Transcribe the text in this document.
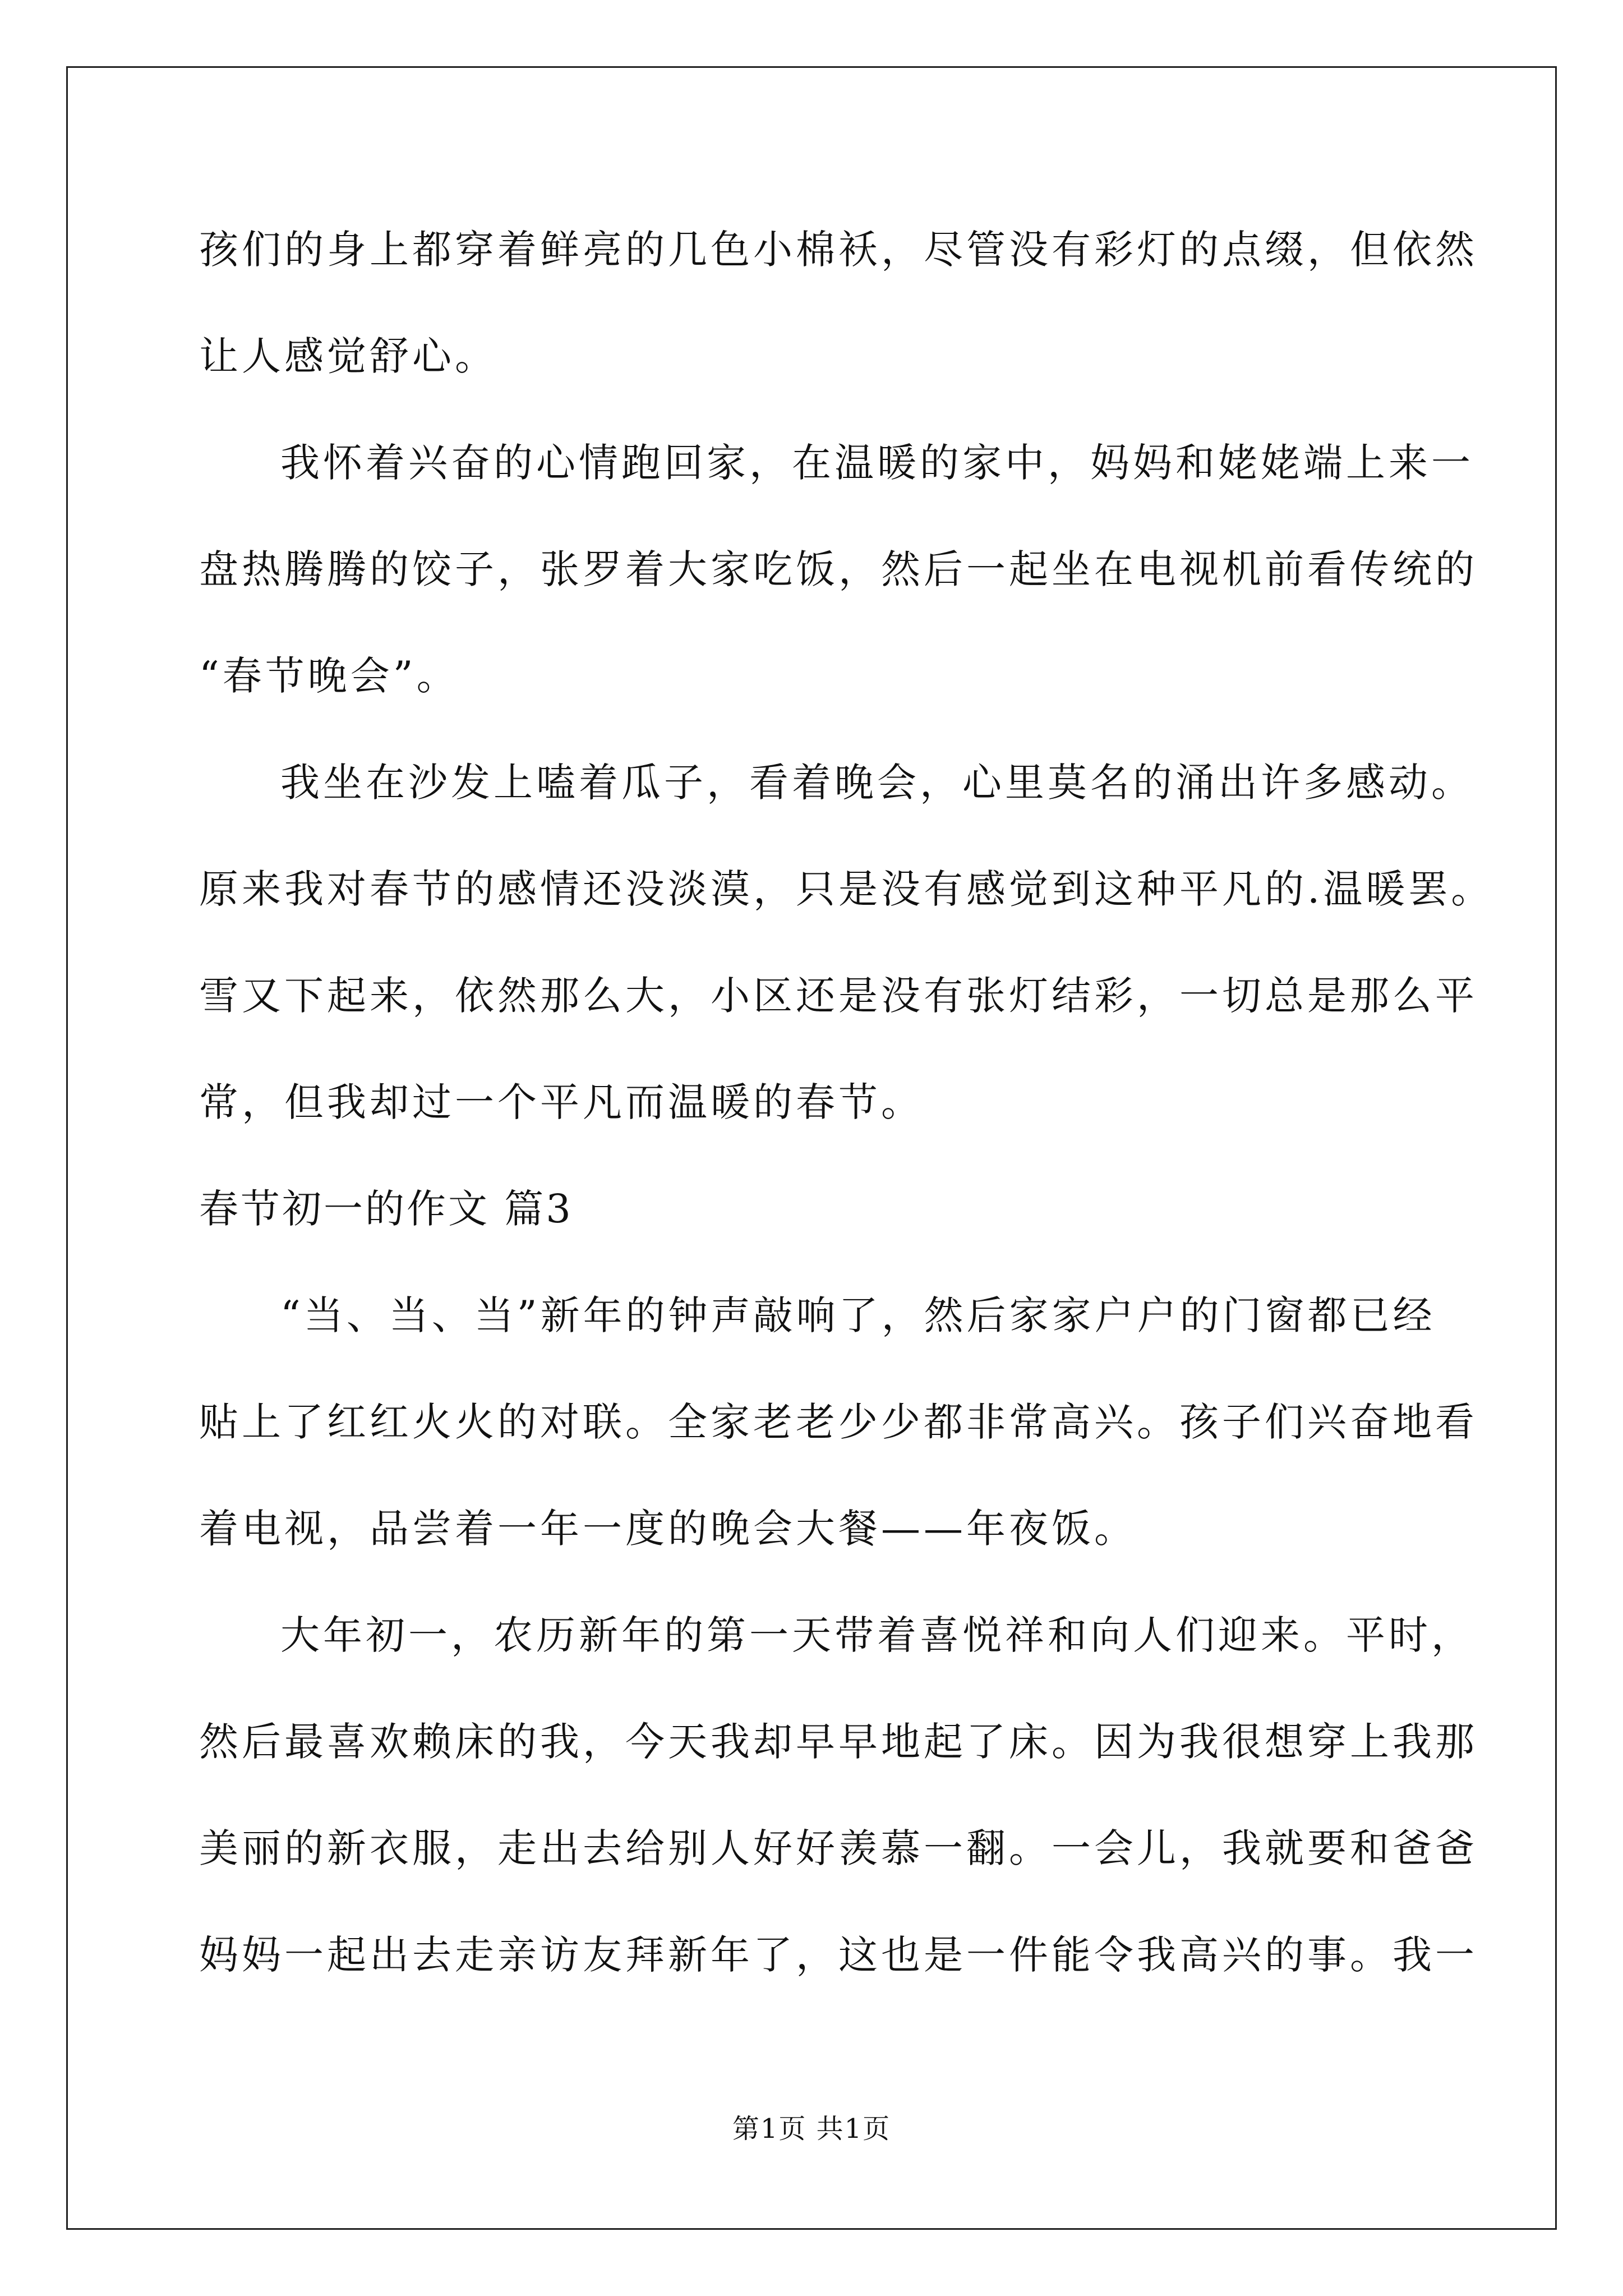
孩们的身上都穿着鲜亮的几色小棉袄，尽管没有彩灯的点缀，但依然
让人感觉舒心。
我怀着兴奋的心情跑回家，在温暖的家中，妈妈和姥姥端上来一
盘热腾腾的饺子，张罗着大家吃饭，然后一起坐在电视机前看传统的
“春节晚会”。
我坐在沙发上嗑着瓜子，看着晚会，心里莫名的涌出许多感动。
原来我对春节的感情还没淡漠，只是没有感觉到这种平凡的.温暖罢。
雪又下起来，依然那么大，小区还是没有张灯结彩，一切总是那么平
常，但我却过一个平凡而温暖的春节。
春节初一的作文 篇3
“当、当、当”新年的钟声敲响了，然后家家户户的门窗都已经
贴上了红红火火的对联。全家老老少少都非常高兴。孩子们兴奋地看
着电视，品尝着一年一度的晚会大餐——年夜饭。
大年初一，农历新年的第一天带着喜悦祥和向人们迎来。平时，
然后最喜欢赖床的我，今天我却早早地起了床。因为我很想穿上我那
美丽的新衣服，走出去给别人好好羡慕一翻。一会儿，我就要和爸爸
妈妈一起出去走亲访友拜新年了，这也是一件能令我高兴的事。我一
第1页 共1页
